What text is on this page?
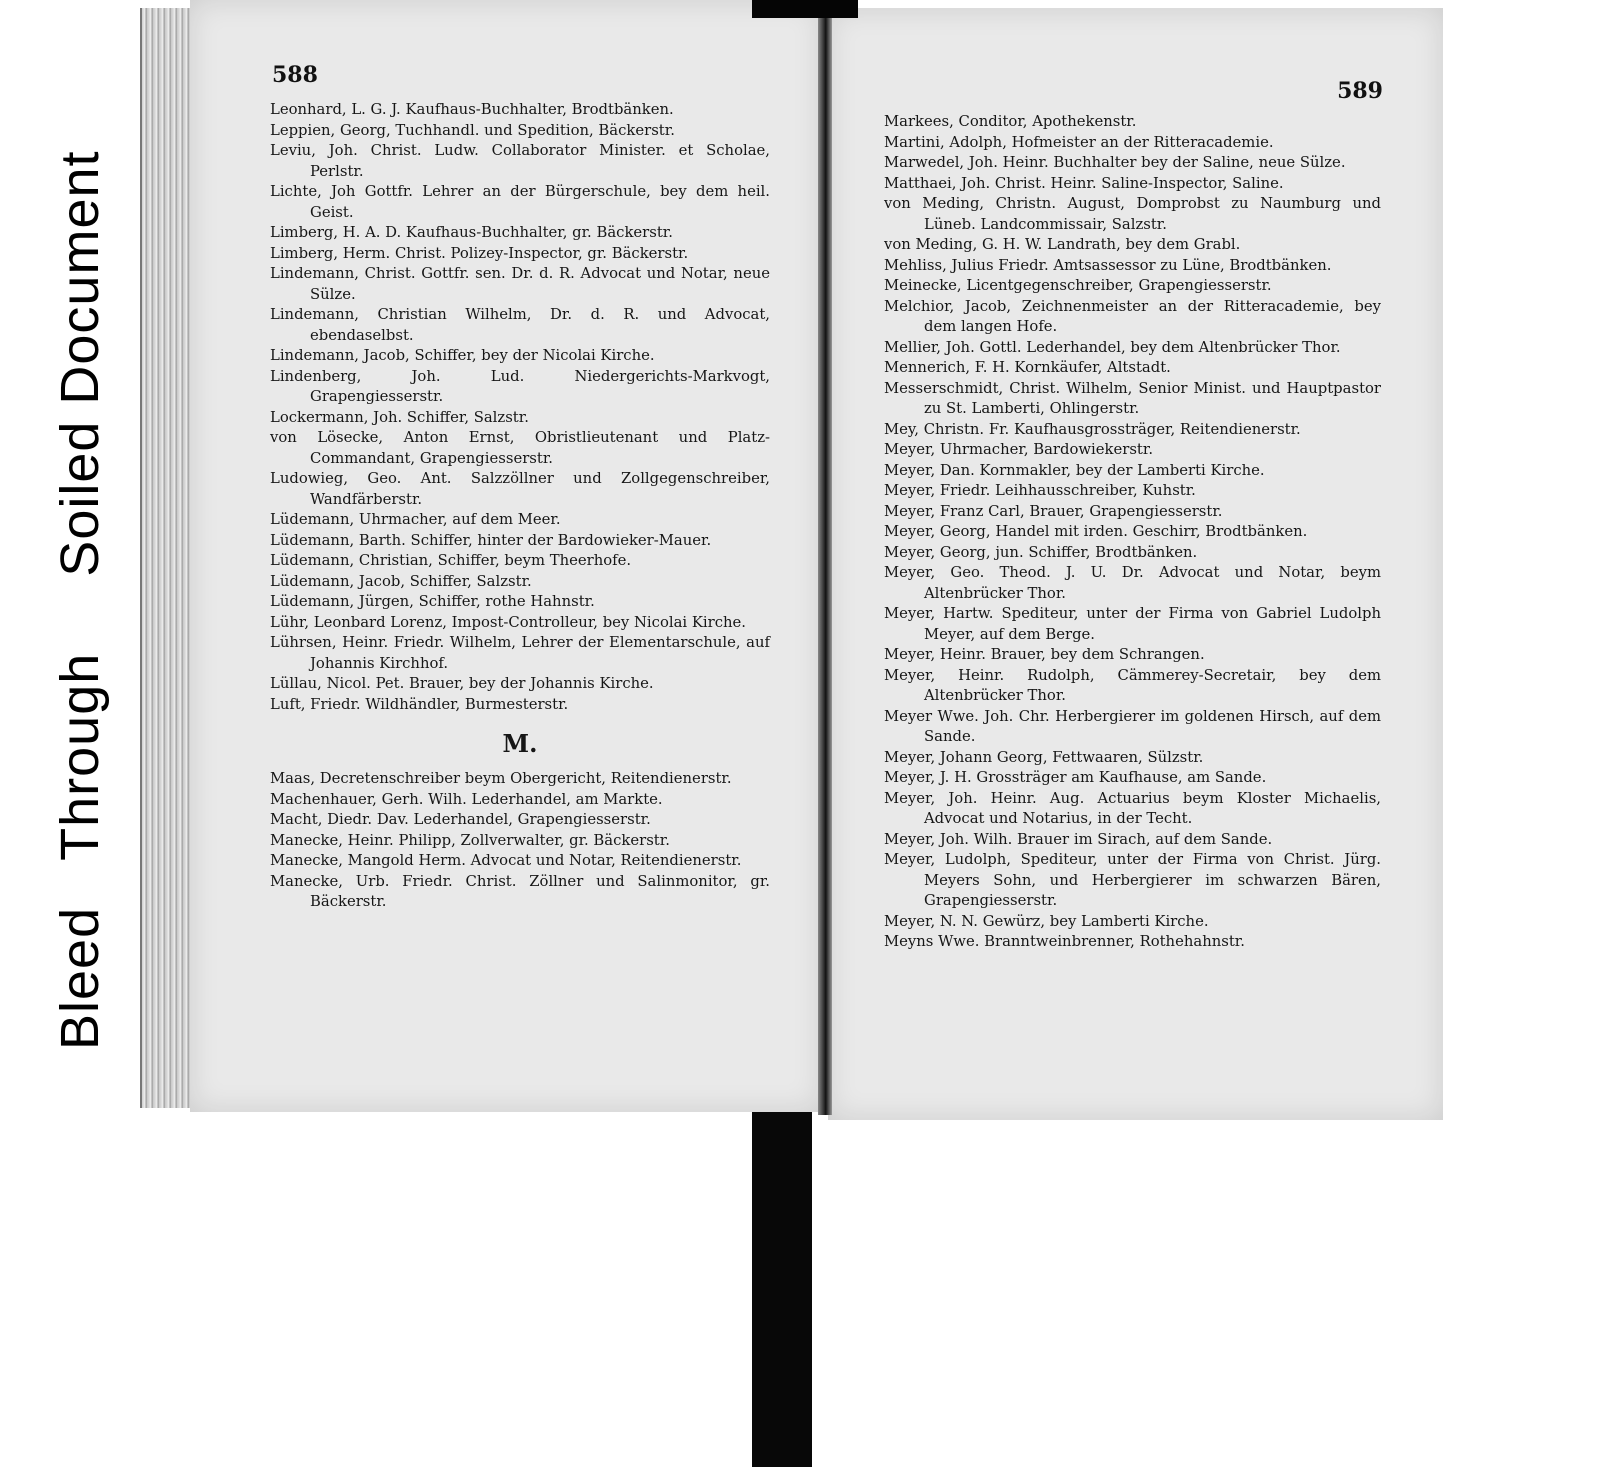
Bleed Through Soiled Document
588
Leonhard, L. G. J. Kaufhaus-Buchhalter, Brodtbänken.
Leppien, Georg, Tuchhandl. und Spedition, Bäckerstr.
Leviu, Joh. Christ. Ludw. Collaborator Minister. et Scholae, Perlstr.
Lichte, Joh Gottfr. Lehrer an der Bürgerschule, bey dem heil. Geist.
Limberg, H. A. D. Kaufhaus-Buchhalter, gr. Bäckerstr.
Limberg, Herm. Christ. Polizey-Inspector, gr. Bäckerstr.
Lindemann, Christ. Gottfr. sen. Dr. d. R. Advocat und Notar, neue Sülze.
Lindemann, Christian Wilhelm, Dr. d. R. und Advocat, ebendaselbst.
Lindemann, Jacob, Schiffer, bey der Nicolai Kirche.
Lindenberg, Joh. Lud. Niedergerichts-Markvogt, Grapengiesserstr.
Lockermann, Joh. Schiffer, Salzstr.
von Lösecke, Anton Ernst, Obristlieutenant und Platz-Commandant, Grapengiesserstr.
Ludowieg, Geo. Ant. Salzzöllner und Zollgegenschreiber, Wandfärberstr.
Lüdemann, Uhrmacher, auf dem Meer.
Lüdemann, Barth. Schiffer, hinter der Bardowieker-Mauer.
Lüdemann, Christian, Schiffer, beym Theerhofe.
Lüdemann, Jacob, Schiffer, Salzstr.
Lüdemann, Jürgen, Schiffer, rothe Hahnstr.
Lühr, Leonbard Lorenz, Impost-Controlleur, bey Nicolai Kirche.
Lührsen, Heinr. Friedr. Wilhelm, Lehrer der Elementarschule, auf Johannis Kirchhof.
Lüllau, Nicol. Pet. Brauer, bey der Johannis Kirche.
Luft, Friedr. Wildhändler, Burmesterstr.
M.
Maas, Decretenschreiber beym Obergericht, Reitendienerstr.
Machenhauer, Gerh. Wilh. Lederhandel, am Markte.
Macht, Diedr. Dav. Lederhandel, Grapengiesserstr.
Manecke, Heinr. Philipp, Zollverwalter, gr. Bäckerstr.
Manecke, Mangold Herm. Advocat und Notar, Reitendienerstr.
Manecke, Urb. Friedr. Christ. Zöllner und Salinmonitor, gr. Bäckerstr.
589
Markees, Conditor, Apothekenstr.
Martini, Adolph, Hofmeister an der Ritteracademie.
Marwedel, Joh. Heinr. Buchhalter bey der Saline, neue Sülze.
Matthaei, Joh. Christ. Heinr. Saline-Inspector, Saline.
von Meding, Christn. August, Domprobst zu Naumburg und Lüneb. Landcommissair, Salzstr.
von Meding, G. H. W. Landrath, bey dem Grabl.
Mehliss, Julius Friedr. Amtsassessor zu Lüne, Brodtbänken.
Meinecke, Licentgegenschreiber, Grapengiesserstr.
Melchior, Jacob, Zeichnenmeister an der Ritteracademie, bey dem langen Hofe.
Mellier, Joh. Gottl. Lederhandel, bey dem Altenbrücker Thor.
Mennerich, F. H. Kornkäufer, Altstadt.
Messerschmidt, Christ. Wilhelm, Senior Minist. und Hauptpastor zu St. Lamberti, Ohlingerstr.
Mey, Christn. Fr. Kaufhausgrossträger, Reitendienerstr.
Meyer, Uhrmacher, Bardowiekerstr.
Meyer, Dan. Kornmakler, bey der Lamberti Kirche.
Meyer, Friedr. Leihhausschreiber, Kuhstr.
Meyer, Franz Carl, Brauer, Grapengiesserstr.
Meyer, Georg, Handel mit irden. Geschirr, Brodtbänken.
Meyer, Georg, jun. Schiffer, Brodtbänken.
Meyer, Geo. Theod. J. U. Dr. Advocat und Notar, beym Altenbrücker Thor.
Meyer, Hartw. Spediteur, unter der Firma von Gabriel Ludolph Meyer, auf dem Berge.
Meyer, Heinr. Brauer, bey dem Schrangen.
Meyer, Heinr. Rudolph, Cämmerey-Secretair, bey dem Altenbrücker Thor.
Meyer Wwe. Joh. Chr. Herbergierer im goldenen Hirsch, auf dem Sande.
Meyer, Johann Georg, Fettwaaren, Sülzstr.
Meyer, J. H. Grossträger am Kaufhause, am Sande.
Meyer, Joh. Heinr. Aug. Actuarius beym Kloster Michaelis, Advocat und Notarius, in der Techt.
Meyer, Joh. Wilh. Brauer im Sirach, auf dem Sande.
Meyer, Ludolph, Spediteur, unter der Firma von Christ. Jürg. Meyers Sohn, und Herbergierer im schwarzen Bären, Grapengiesserstr.
Meyer, N. N. Gewürz, bey Lamberti Kirche.
Meyns Wwe. Branntweinbrenner, Rothehahnstr.
